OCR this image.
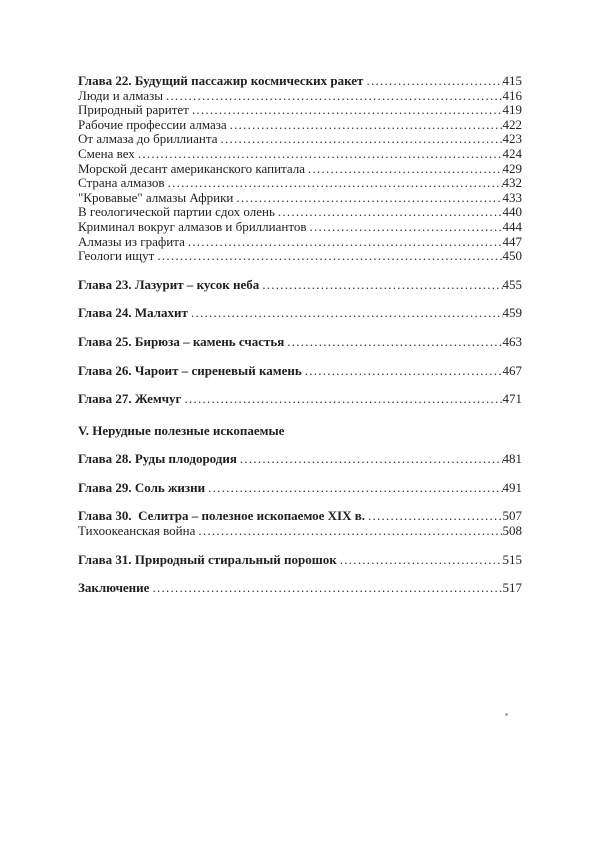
Глава 22. Будущий пассажир космических ракет . . .	415
Люди и алмазы . . .	416
Природный раритет . . .	419
Рабочие профессии алмаза . . .	422
От алмаза до бриллианта . . .	423
Смена вех . . .	424
Морской десант американского капитала . . .	429
Страна алмазов . . .	432
"Кровавые" алмазы Африки . . .	433
В геологической партии сдох олень . . .	440
Криминал вокруг алмазов и бриллиантов . . .	444
Алмазы из графита . . .	447
Геологи ищут . . .	450
Глава 23. Лазурит – кусок неба . . .	455
Глава 24. Малахит . . .	459
Глава 25. Бирюза – камень счастья . . .	463
Глава 26. Чароит – сиреневый камень . . .	467
Глава 27. Жемчуг . . .	471
V. Нерудные полезные ископаемые
Глава 28. Руды плодородия . . .	481
Глава 29. Соль жизни . . .	491
Глава 30.  Селитра – полезное ископаемое XIX в. . . .	507
Тихоокеанская война . . .	508
Глава 31. Природный стиральный порошок . . .	515
Заключение . . .	517
